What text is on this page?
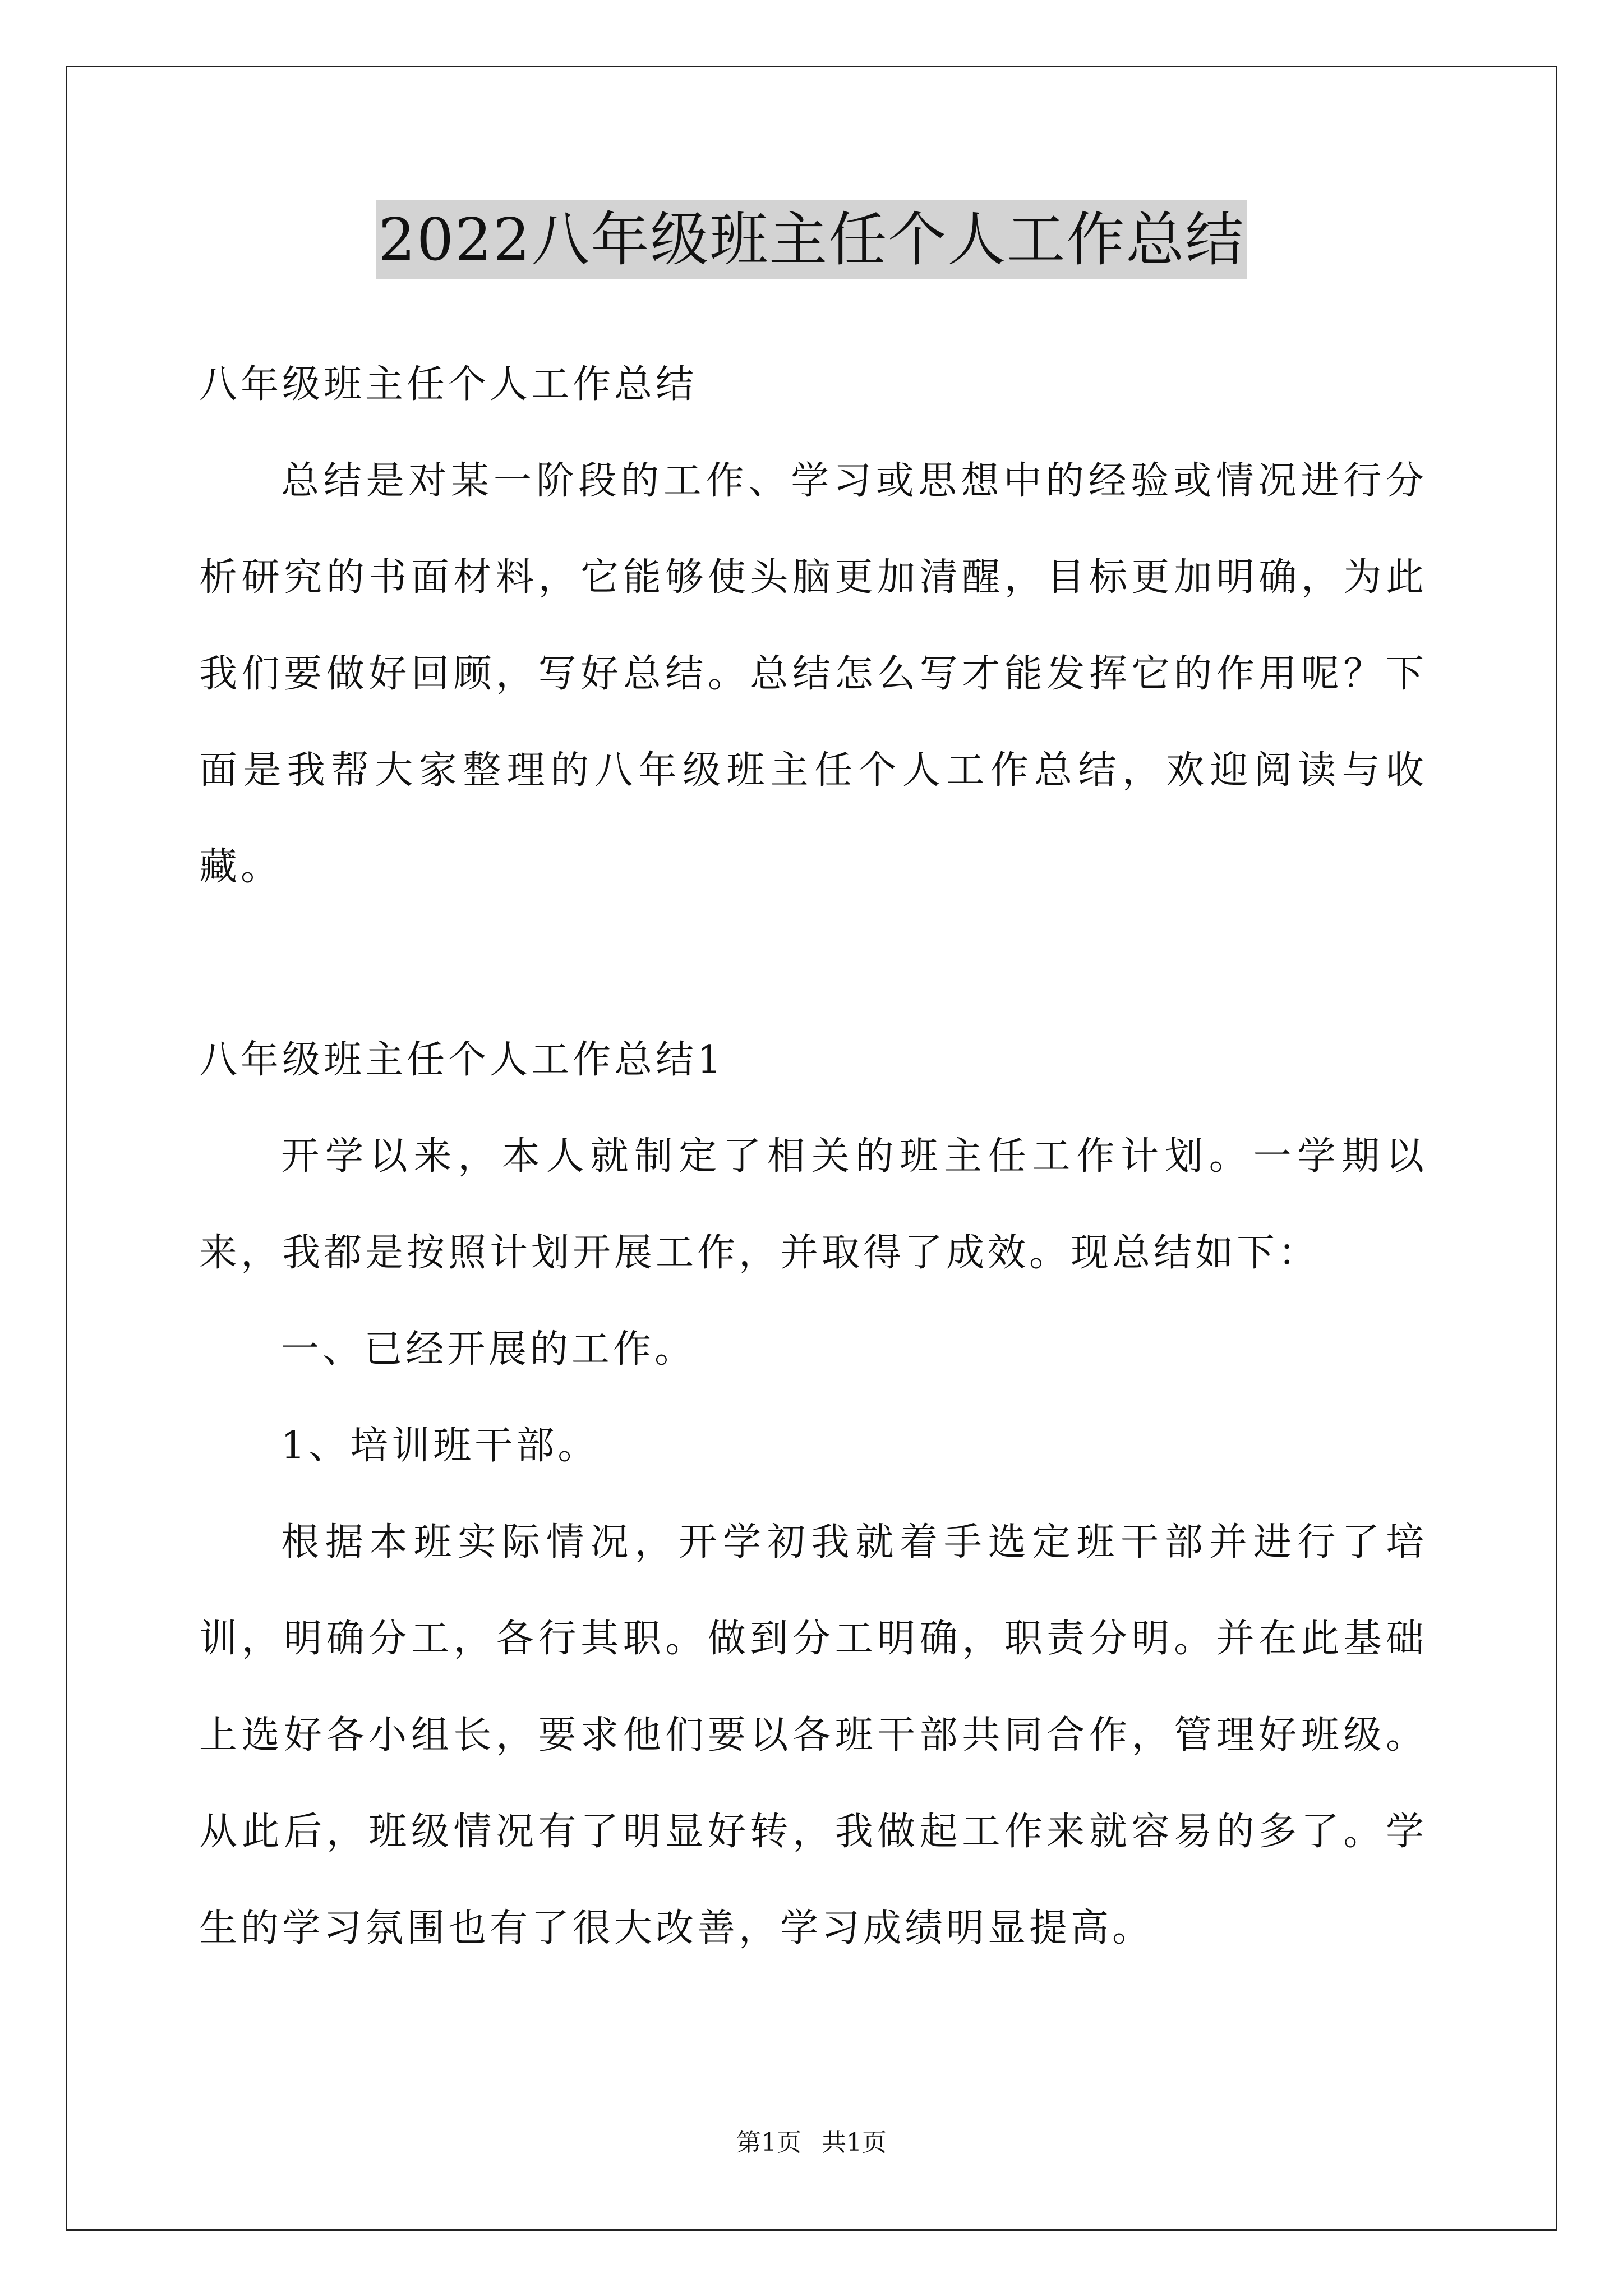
2022八年级班主任个人工作总结
八年级班主任个人工作总结

总结是对某一阶段的工作、学习或思想中的经验或情况进行分析研究的书面材料，它能够使头脑更加清醒，目标更加明确，为此我们要做好回顾，写好总结。总结怎么写才能发挥它的作用呢？下面是我帮大家整理的八年级班主任个人工作总结，欢迎阅读与收藏。

八年级班主任个人工作总结1

开学以来，本人就制定了相关的班主任工作计划。一学期以来，我都是按照计划开展工作，并取得了成效。现总结如下：

一、已经开展的工作。
1、培训班干部。

根据本班实际情况，开学初我就着手选定班干部并进行了培训，明确分工，各行其职。做到分工明确，职责分明。并在此基础上选好各小组长，要求他们要以各班干部共同合作，管理好班级。从此后，班级情况有了明显好转，我做起工作来就容易的多了。学生的学习氛围也有了很大改善，学习成绩明显提高。

第1页 共1页
